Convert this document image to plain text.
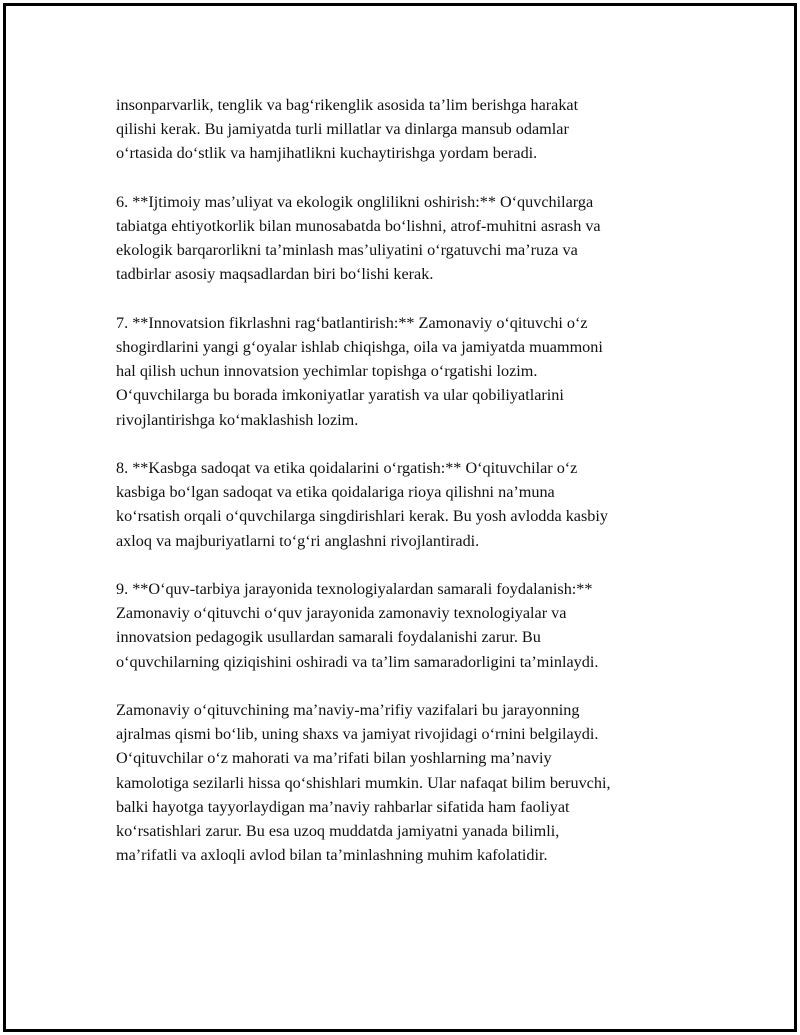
insonparvarlik, tenglik va bag‘rikenglik asosida ta’lim berishga harakat
qilishi kerak. Bu jamiyatda turli millatlar va dinlarga mansub odamlar
o‘rtasida do‘stlik va hamjihatlikni kuchaytirishga yordam beradi.

6. **Ijtimoiy mas’uliyat va ekologik onglilikni oshirish:** O‘quvchilarga
tabiatga ehtiyotkorlik bilan munosabatda bo‘lishni, atrof-muhitni asrash va
ekologik barqarorlikni ta’minlash mas’uliyatini o‘rgatuvchi ma’ruza va
tadbirlar asosiy maqsadlardan biri bo‘lishi kerak.

7. **Innovatsion fikrlashni rag‘batlantirish:** Zamonaviy o‘qituvchi o‘z
shogirdlarini yangi g‘oyalar ishlab chiqishga, oila va jamiyatda muammoni
hal qilish uchun innovatsion yechimlar topishga o‘rgatishi lozim.
O‘quvchilarga bu borada imkoniyatlar yaratish va ular qobiliyatlarini
rivojlantirishga ko‘maklashish lozim.

8. **Kasbga sadoqat va etika qoidalarini o‘rgatish:** O‘qituvchilar o‘z
kasbiga bo‘lgan sadoqat va etika qoidalariga rioya qilishni na’muna
ko‘rsatish orqali o‘quvchilarga singdirishlari kerak. Bu yosh avlodda kasbiy
axloq va majburiyatlarni to‘g‘ri anglashni rivojlantiradi.

9. **O‘quv-tarbiya jarayonida texnologiyalardan samarali foydalanish:**
Zamonaviy o‘qituvchi o‘quv jarayonida zamonaviy texnologiyalar va
innovatsion pedagogik usullardan samarali foydalanishi zarur. Bu
o‘quvchilarning qiziqishini oshiradi va ta’lim samaradorligini ta’minlaydi.

Zamonaviy o‘qituvchining ma’naviy-ma’rifiy vazifalari bu jarayonning
ajralmas qismi bo‘lib, uning shaxs va jamiyat rivojidagi o‘rnini belgilaydi.
O‘qituvchilar o‘z mahorati va ma’rifati bilan yoshlarning ma’naviy
kamolotiga sezilarli hissa qo‘shishlari mumkin. Ular nafaqat bilim beruvchi,
balki hayotga tayyorlaydigan ma’naviy rahbarlar sifatida ham faoliyat
ko‘rsatishlari zarur. Bu esa uzoq muddatda jamiyatni yanada bilimli,
ma’rifatli va axloqli avlod bilan ta’minlashning muhim kafolatidir.
